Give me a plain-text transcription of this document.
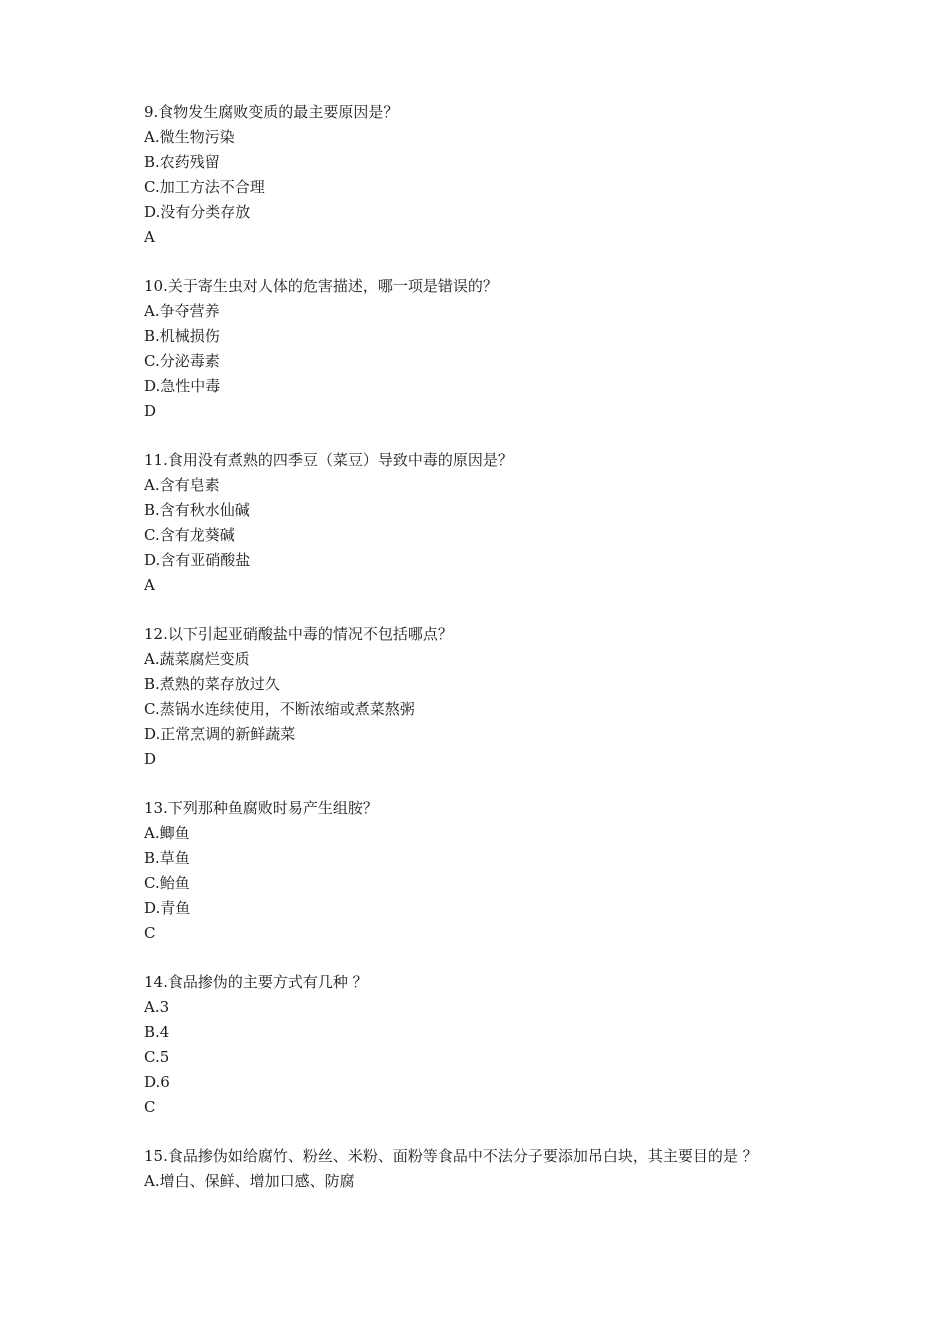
9.食物发生腐败变质的最主要原因是？
A.微生物污染
B.农药残留
C.加工方法不合理
D.没有分类存放
A
10.关于寄生虫对人体的危害描述，哪一项是错误的？
A.争夺营养
B.机械损伤
C.分泌毒素
D.急性中毒
D
11.食用没有煮熟的四季豆（菜豆）导致中毒的原因是？
A.含有皂素
B.含有秋水仙碱
C.含有龙葵碱
D.含有亚硝酸盐
A
12.以下引起亚硝酸盐中毒的情况不包括哪点？
A.蔬菜腐烂变质
B.煮熟的菜存放过久
C.蒸锅水连续使用，不断浓缩或煮菜熬粥
D.正常烹调的新鲜蔬菜
D
13.下列那种鱼腐败时易产生组胺？
A.鲫鱼
B.草鱼
C.鲐鱼
D.青鱼
C
14.食品掺伪的主要方式有几种 ？
A.3
B.4
C.5
D.6
C
15.食品掺伪如给腐竹、粉丝、米粉、面粉等食品中不法分子要添加吊白块，其主要目的是 ？
A.增白、保鲜、增加口感、防腐
